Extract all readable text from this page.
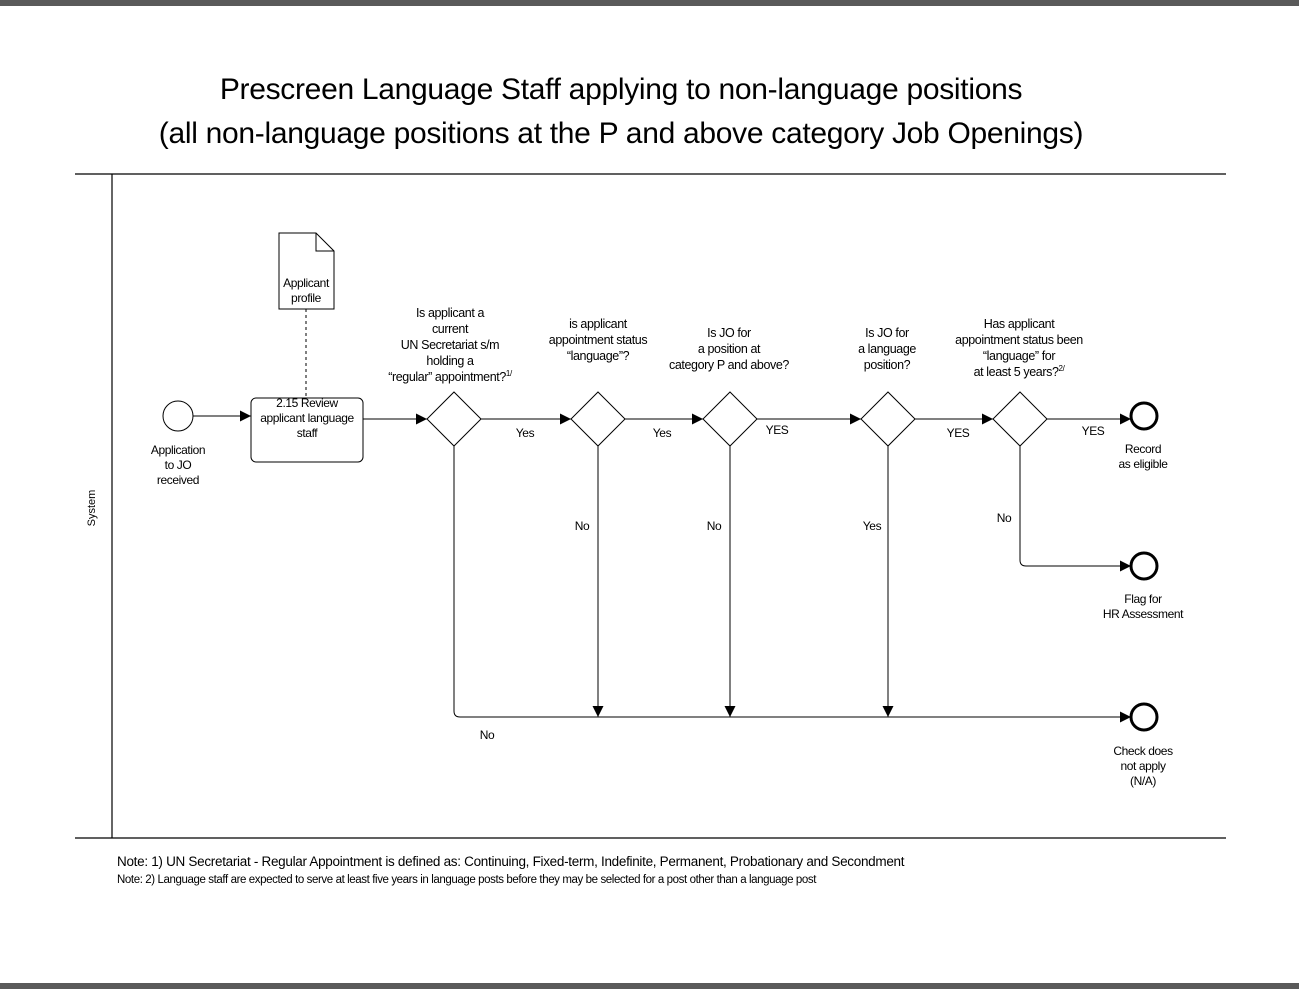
Prescreen Language Staff applying to non-language positions
(all non-language positions at the P and above category Job Openings)
System
Applicant
profile
Application
to JO
received
2.15 Review
applicant language
staff
Is applicant a
current
UN Secretariat s/m
holding a
“regular” appointment?$^{1/}$
is applicant
appointment status
“language”?
Is JO for
a position at
category P and above?
Is JO for
a language
position?
Has applicant
appointment status been
“language” for
at least 5 years?$^{2/}$
Yes	Yes	YES	YES	YES
No	No	Yes
No
No
Record
as eligible
Flag for
HR Assessment
Check does
not apply
(N/A)
Note: 1) UN Secretariat - Regular Appointment is defined as: Continuing, Fixed-term, Indefinite, Permanent, Probationary and Secondment
Note: 2) Language staff are expected to serve at least five years in language posts before they may be selected for a post other than a language post
